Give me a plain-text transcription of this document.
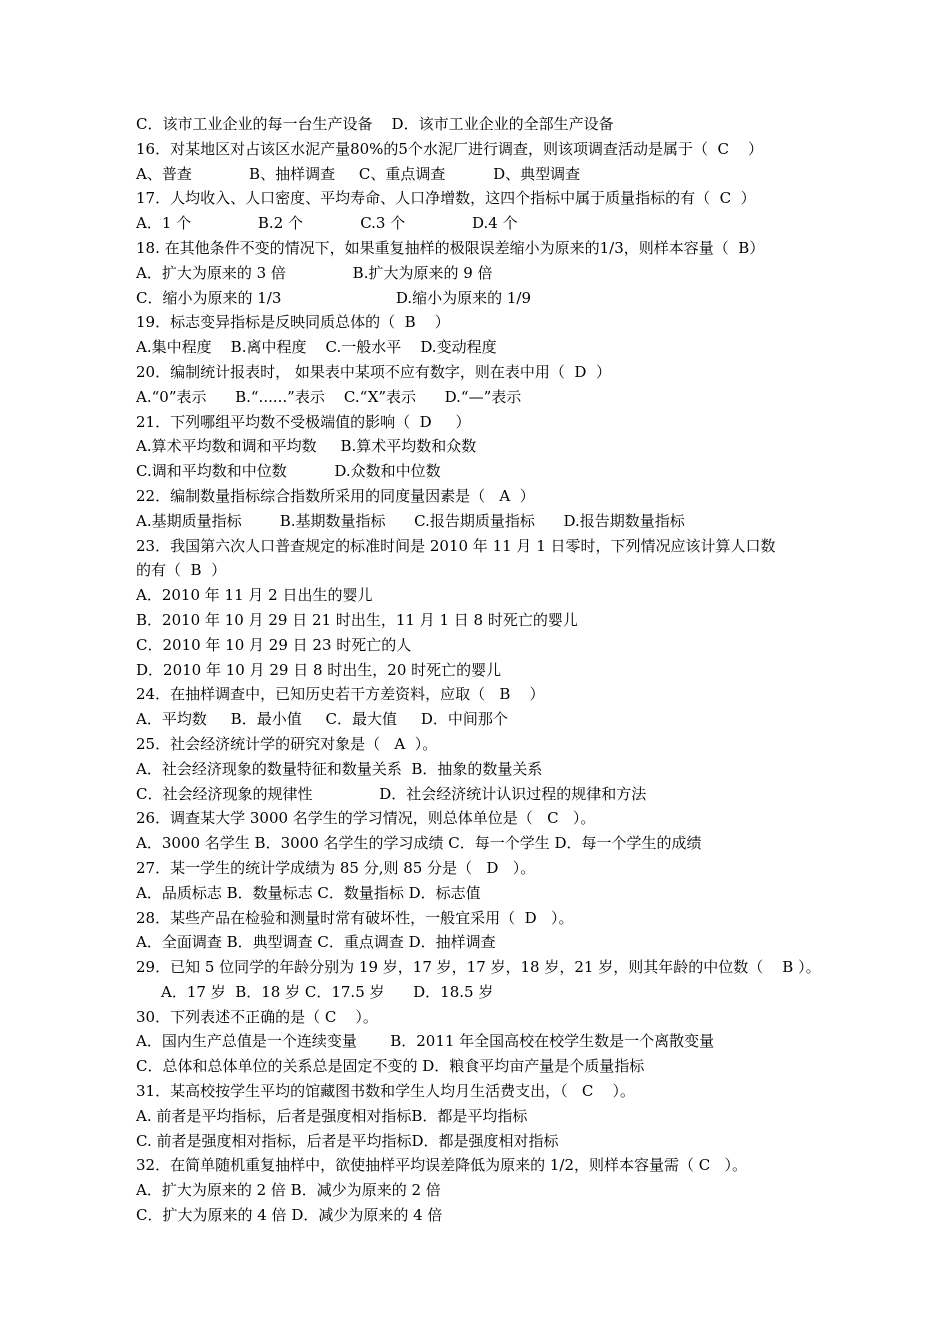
C．该市工业企业的每一台生产设备    D．该市工业企业的全部生产设备
16．对某地区对占该区水泥产量80%的5个水泥厂进行调查，则该项调查活动是属于（  C    ）
A、普查            B、抽样调查     C、重点调查          D、典型调查
17．人均收入、人口密度、平均寿命、人口净增数，这四个指标中属于质量指标的有（  C  ）
A．1 个              B.2 个            C.3 个              D.4 个
18. 在其他条件不变的情况下，如果重复抽样的极限误差缩小为原来的1/3，则样本容量（  B）
A．扩大为原来的 3 倍              B.扩大为原来的 9 倍
C．缩小为原来的 1/3                        D.缩小为原来的 1/9
19．标志变异指标是反映同质总体的（  B    ）
A.集中程度    B.离中程度    C.一般水平    D.变动程度
20．编制统计报表时， 如果表中某项不应有数字，则在表中用（  D  ）
A.“0”表示      B.“......”表示    C.“X”表示      D.“—”表示
21．下列哪组平均数不受极端值的影响（  D     ）
A.算术平均数和调和平均数     B.算术平均数和众数
C.调和平均数和中位数          D.众数和中位数
22．编制数量指标综合指数所采用的同度量因素是（   A  ）
A.基期质量指标        B.基期数量指标      C.报告期质量指标      D.报告期数量指标
23．我国第六次人口普查规定的标准时间是 2010 年 11 月 1 日零时，下列情况应该计算人口数
的有（  B  ）
A．2010 年 11 月 2 日出生的婴儿
B．2010 年 10 月 29 日 21 时出生，11 月 1 日 8 时死亡的婴儿
C．2010 年 10 月 29 日 23 时死亡的人
D．2010 年 10 月 29 日 8 时出生，20 时死亡的婴儿
24．在抽样调查中，已知历史若干方差资料，应取（   B    ）
A．平均数     B．最小值     C．最大值     D．中间那个
25．社会经济统计学的研究对象是（   A  ）。
A．社会经济现象的数量特征和数量关系  B．抽象的数量关系
C．社会经济现象的规律性              D．社会经济统计认识过程的规律和方法
26．调查某大学 3000 名学生的学习情况，则总体单位是（   C   ）。
A．3000 名学生 B．3000 名学生的学习成绩 C．每一个学生 D．每一个学生的成绩
27．某一学生的统计学成绩为 85 分,则 85 分是（   D   ）。
A．品质标志 B．数量标志 C．数量指标 D．标志值
28．某些产品在检验和测量时常有破坏性，一般宜采用（  D   ）。
A．全面调查 B．典型调查 C．重点调查 D．抽样调查
29．已知 5 位同学的年龄分别为 19 岁，17 岁，17 岁，18 岁，21 岁，则其年龄的中位数（    B ）。
A．17 岁  B．18 岁 C．17.5 岁      D．18.5 岁
30．下列表述不正确的是（ C    ）。
A．国内生产总值是一个连续变量       B．2011 年全国高校在校学生数是一个离散变量
C．总体和总体单位的关系总是固定不变的 D．粮食平均亩产量是个质量指标
31．某高校按学生平均的馆藏图书数和学生人均月生活费支出，（   C    ）。
A. 前者是平均指标，后者是强度相对指标B．都是平均指标
C. 前者是强度相对指标，后者是平均指标D．都是强度相对指标
32．在简单随机重复抽样中，欲使抽样平均误差降低为原来的 1/2，则样本容量需（ C   ）。
A．扩大为原来的 2 倍 B．减少为原来的 2 倍
C．扩大为原来的 4 倍 D．减少为原来的 4 倍
